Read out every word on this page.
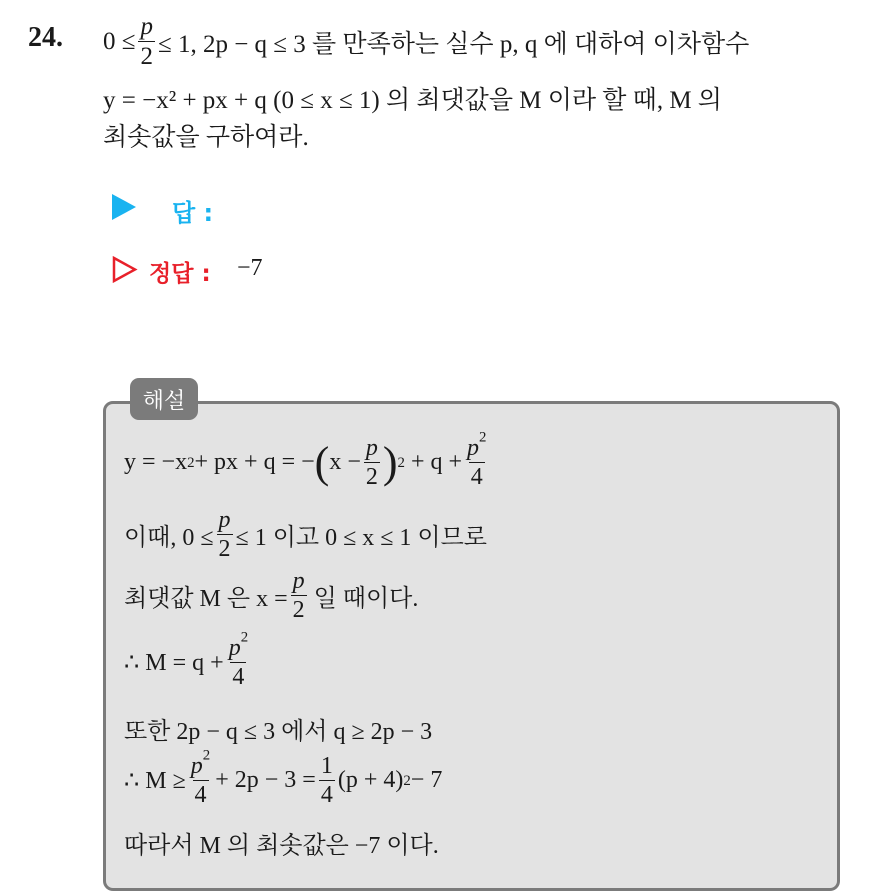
24. $0 \le \frac{p}{2} \le 1$, 2p − q ≤ 3 를 만족하는 실수 p, q 에 대하여 이차함수
y = −x² + px + q (0 ≤ x ≤ 1) 의 최댓값을 M 이라 할 때, M 의
최솟값을 구하여라.
답 :
정답 : −7
해설
y = −x 2 + px + q = − ( $x - \frac{p}{2}$ ) $2 + q + \frac{p^2}{4}$
이때, $0 \le \frac{p}{2} \le 1$ 이고 0 ≤ x ≤ 1 이므로
최댓값 M 은 $x = \frac{p}{2}$ 일 때이다.
∴ $M = q + \frac{p^2}{4}$
또한 2p − q ≤ 3 에서 q ≥ 2p − 3
∴ $M \ge \frac{p^2}{4} + 2p - 3 = \frac{1}{4} (p + 4) 2 - 7$
따라서 M 의 최솟값은 −7 이다.
